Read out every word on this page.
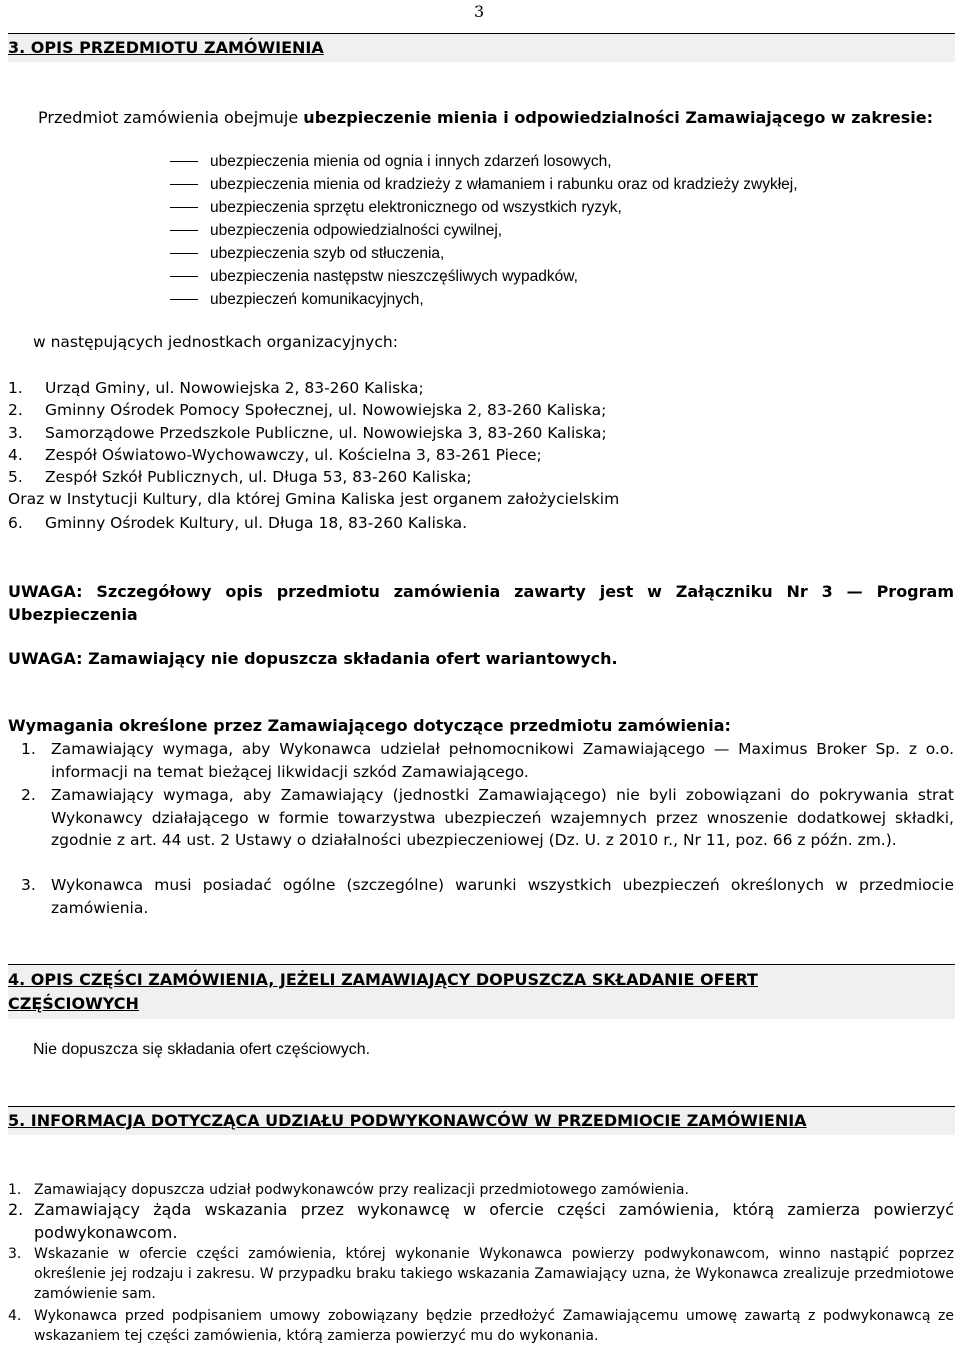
3
3. OPIS PRZEDMIOTU ZAMÓWIENIA
Przedmiot zamówienia obejmuje ubezpieczenie mienia i odpowiedzialności Zamawiającego w zakresie:
ubezpieczenia mienia od ognia i innych zdarzeń losowych,
ubezpieczenia mienia od kradzieży z włamaniem i rabunku oraz od kradzieży zwykłej,
ubezpieczenia sprzętu elektronicznego od wszystkich ryzyk,
ubezpieczenia odpowiedzialności cywilnej,
ubezpieczenia szyb od stłuczenia,
ubezpieczenia następstw nieszczęśliwych wypadków,
ubezpieczeń komunikacyjnych,
w następujących jednostkach organizacyjnych:
1. Urząd Gminy, ul. Nowowiejska 2, 83-260 Kaliska;
2. Gminny Ośrodek Pomocy Społecznej, ul. Nowowiejska 2, 83-260 Kaliska;
3. Samorządowe Przedszkole Publiczne, ul. Nowowiejska 3, 83-260 Kaliska;
4. Zespół Oświatowo-Wychowawczy, ul. Kościelna 3, 83-261 Piece;
5. Zespół Szkół Publicznych, ul. Długa 53, 83-260 Kaliska;
Oraz w Instytucji Kultury, dla której Gmina Kaliska jest organem założycielskim
6. Gminny Ośrodek Kultury, ul. Długa 18, 83-260 Kaliska.
UWAGA: Szczegółowy opis przedmiotu zamówienia zawarty jest w Załączniku Nr 3 — Program Ubezpieczenia
UWAGA: Zamawiający nie dopuszcza składania ofert wariantowych.
Wymagania określone przez Zamawiającego dotyczące przedmiotu zamówienia:
1. Zamawiający wymaga, aby Wykonawca udzielał pełnomocnikowi Zamawiającego — Maximus Broker Sp. z o.o. informacji na temat bieżącej likwidacji szkód Zamawiającego.
2. Zamawiający wymaga, aby Zamawiający (jednostki Zamawiającego) nie byli zobowiązani do pokrywania strat Wykonawcy działającego w formie towarzystwa ubezpieczeń wzajemnych przez wnoszenie dodatkowej składki, zgodnie z art. 44 ust. 2 Ustawy o działalności ubezpieczeniowej (Dz. U. z 2010 r., Nr 11, poz. 66 z późn. zm.).
3. Wykonawca musi posiadać ogólne (szczególne) warunki wszystkich ubezpieczeń określonych w przedmiocie zamówienia.
4. OPIS CZĘŚCI ZAMÓWIENIA, JEŻELI ZAMAWIAJĄCY DOPUSZCZA SKŁADANIE OFERT CZĘŚCIOWYCH
Nie dopuszcza się składania ofert częściowych.
5. INFORMACJA DOTYCZĄCA UDZIAŁU PODWYKONAWCÓW W PRZEDMIOCIE ZAMÓWIENIA
1. Zamawiający dopuszcza udział podwykonawców przy realizacji przedmiotowego zamówienia.
2. Zamawiający żąda wskazania przez wykonawcę w ofercie części zamówienia, którą zamierza powierzyć podwykonawcom.
3. Wskazanie w ofercie części zamówienia, której wykonanie Wykonawca powierzy podwykonawcom, winno nastąpić poprzez określenie jej rodzaju i zakresu. W przypadku braku takiego wskazania Zamawiający uzna, że Wykonawca zrealizuje przedmiotowe zamówienie sam.
4. Wykonawca przed podpisaniem umowy zobowiązany będzie przedłożyć Zamawiającemu umowę zawartą z podwykonawcą ze wskazaniem tej części zamówienia, którą zamierza powierzyć mu do wykonania.
